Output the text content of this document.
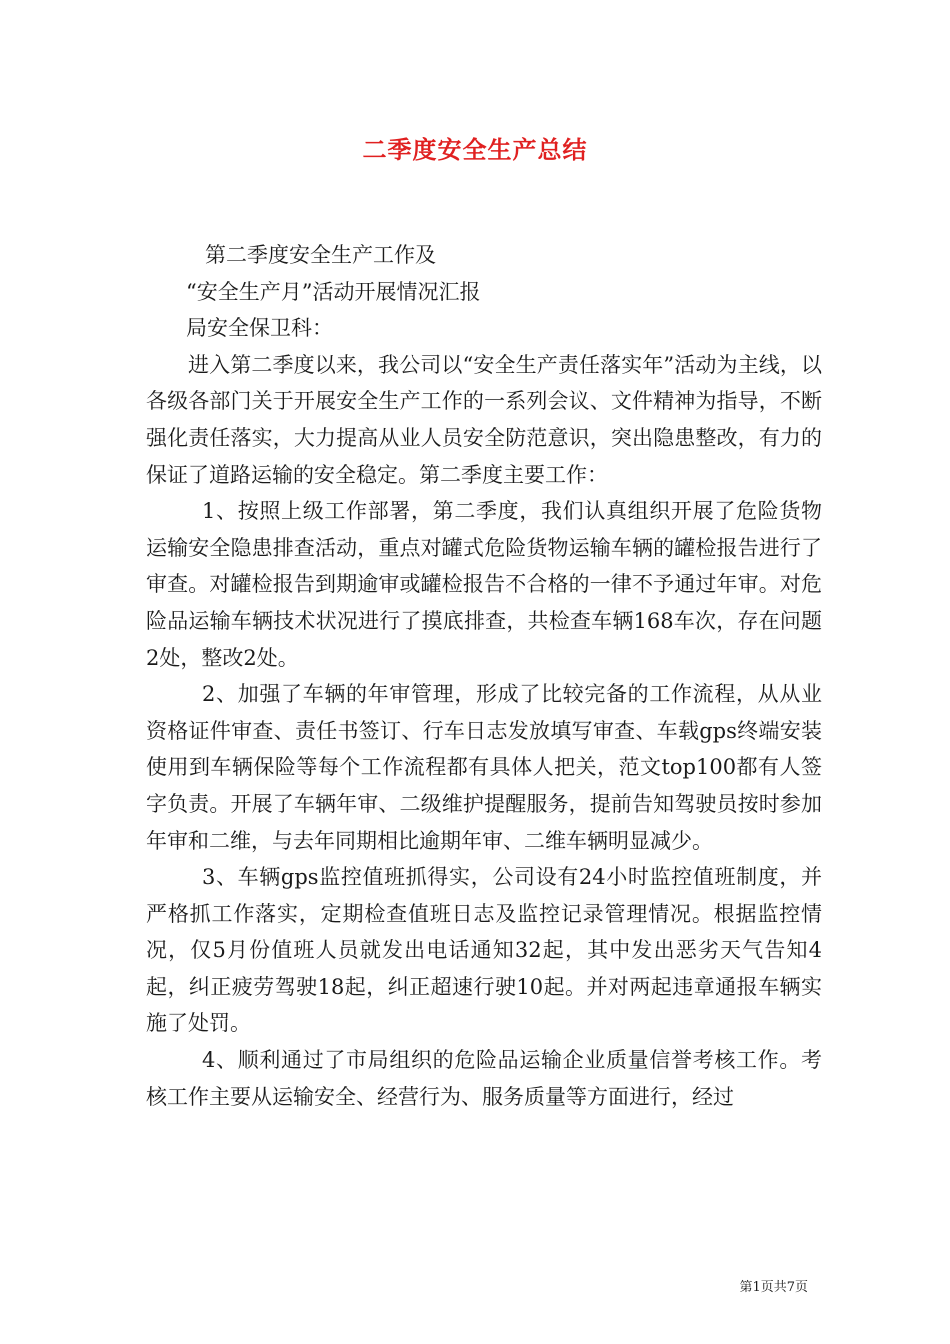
二季度安全生产总结

第二季度安全生产工作及

“安全生产月”活动开展情况汇报

局安全保卫科：

进入第二季度以来，我公司以“安全生产责任落实年”活动为主线，以各级各部门关于开展安全生产工作的一系列会议、文件精神为指导，不断强化责任落实，大力提高从业人员安全防范意识，突出隐患整改，有力的保证了道路运输的安全稳定。第二季度主要工作：

1、按照上级工作部署，第二季度，我们认真组织开展了危险货物运输安全隐患排查活动，重点对罐式危险货物运输车辆的罐检报告进行了审查。对罐检报告到期逾审或罐检报告不合格的一律不予通过年审。对危险品运输车辆技术状况进行了摸底排查，共检查车辆168车次，存在问题2处，整改2处。

2、加强了车辆的年审管理，形成了比较完备的工作流程，从从业资格证件审查、责任书签订、行车日志发放填写审查、车载gps终端安装使用到车辆保险等每个工作流程都有具体人把关，范文top100都有人签字负责。开展了车辆年审、二级维护提醒服务，提前告知驾驶员按时参加年审和二维，与去年同期相比逾期年审、二维车辆明显减少。

3、车辆gps监控值班抓得实，公司设有24小时监控值班制度，并严格抓工作落实，定期检查值班日志及监控记录管理情况。根据监控情况，仅5月份值班人员就发出电话通知32起，其中发出恶劣天气告知4起，纠正疲劳驾驶18起，纠正超速行驶10起。并对两起违章通报车辆实施了处罚。

4、顺利通过了市局组织的危险品运输企业质量信誉考核工作。考核工作主要从运输安全、经营行为、服务质量等方面进行，经过

第1页共7页
